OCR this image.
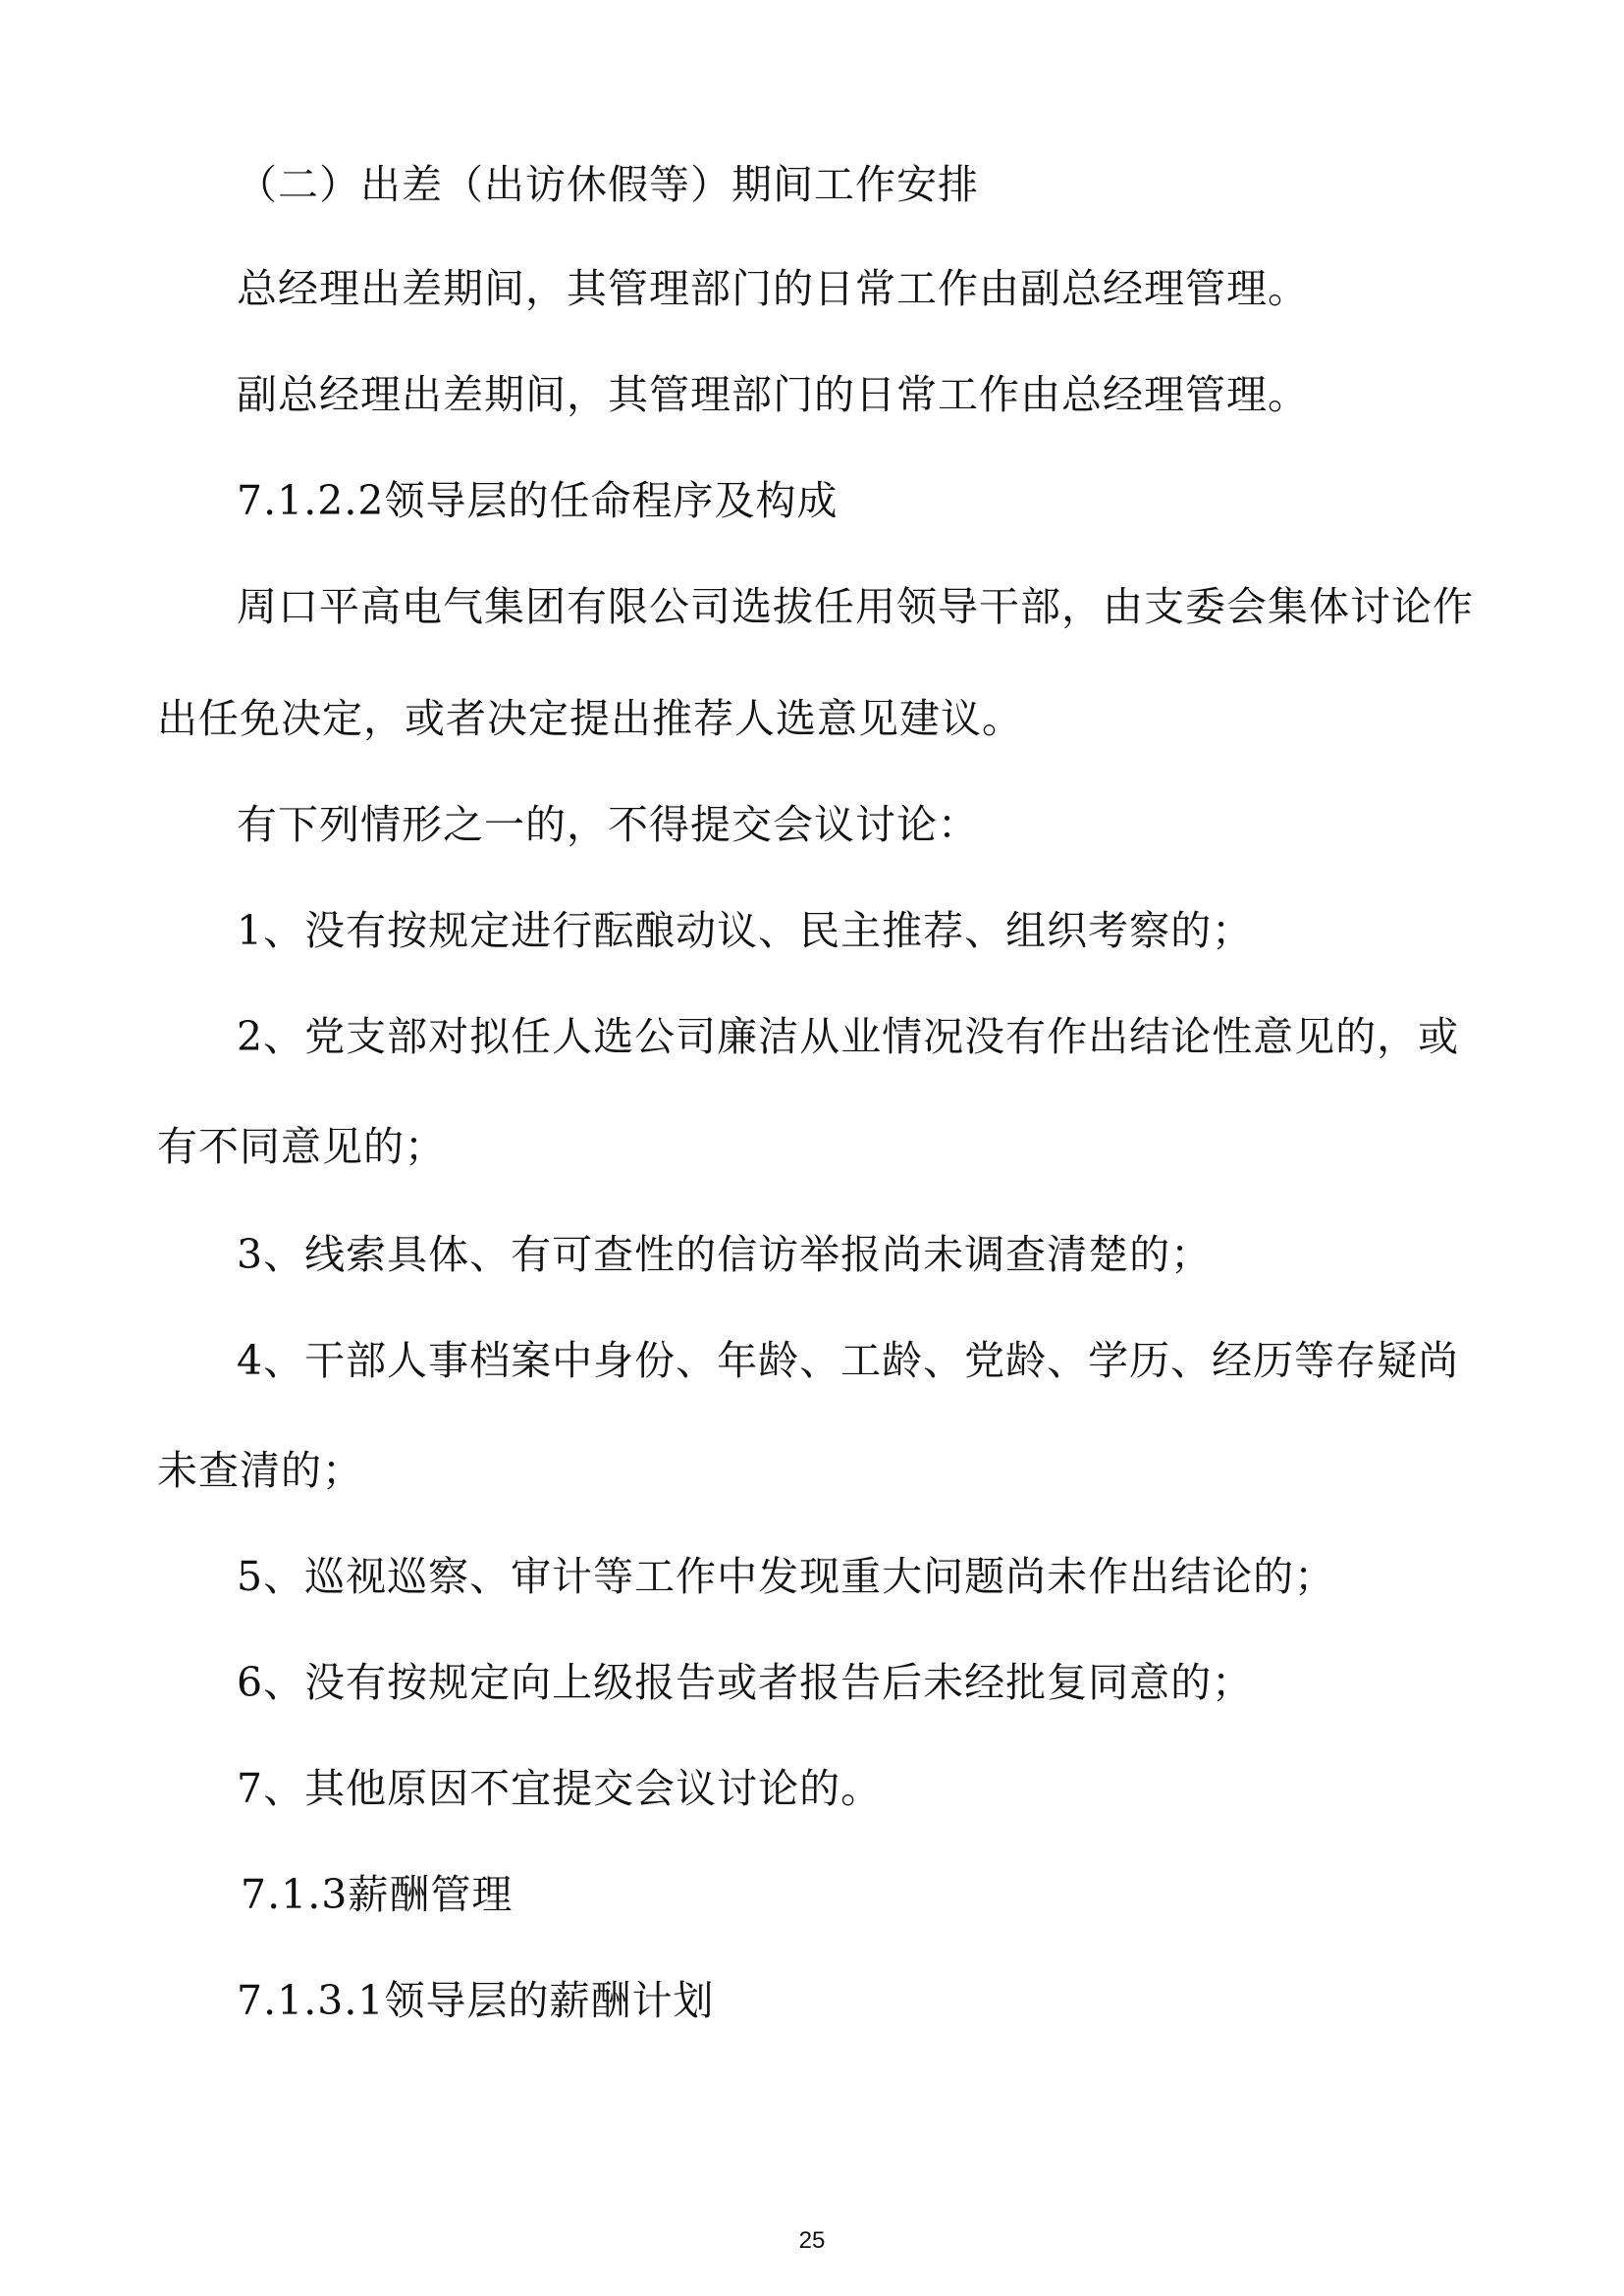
（二）出差（出访休假等）期间工作安排
总经理出差期间，其管理部门的日常工作由副总经理管理。
副总经理出差期间，其管理部门的日常工作由总经理管理。
7.1.2.2领导层的任命程序及构成
周口平高电气集团有限公司选拔任用领导干部，由支委会集体讨论作
出任免决定，或者决定提出推荐人选意见建议。
有下列情形之一的，不得提交会议讨论：
1、没有按规定进行酝酿动议、民主推荐、组织考察的；
2、党支部对拟任人选公司廉洁从业情况没有作出结论性意见的，或
有不同意见的；
3、线索具体、有可查性的信访举报尚未调查清楚的；
4、干部人事档案中身份、年龄、工龄、党龄、学历、经历等存疑尚
未查清的；
5、巡视巡察、审计等工作中发现重大问题尚未作出结论的；
6、没有按规定向上级报告或者报告后未经批复同意的；
7、其他原因不宜提交会议讨论的。
7.1.3薪酬管理
7.1.3.1领导层的薪酬计划
25
